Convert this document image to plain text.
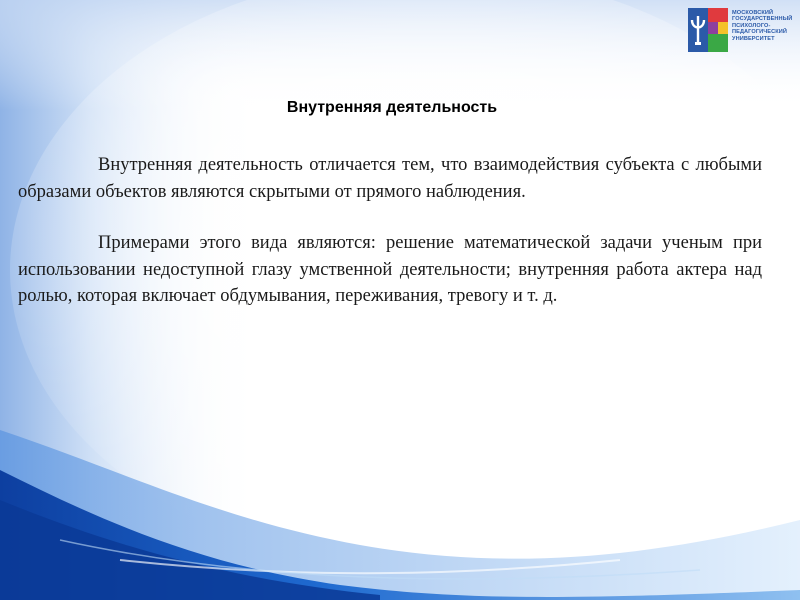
МОСКОВСКИЙ
ГОСУДАРСТВЕННЫЙ
ПСИХОЛОГО-
ПЕДАГОГИЧЕСКИЙ
УНИВЕРСИТЕТ
Внутренняя деятельность

Внутренняя деятельность отличается тем, что взаимодействия субъекта с любыми образами объектов являются скрытыми от прямого наблюдения.

Примерами этого вида являются: решение математической задачи ученым при использовании недоступной глазу умственной деятельности; внутренняя работа актера над ролью, которая включает обдумывания, переживания, тревогу и т. д.
